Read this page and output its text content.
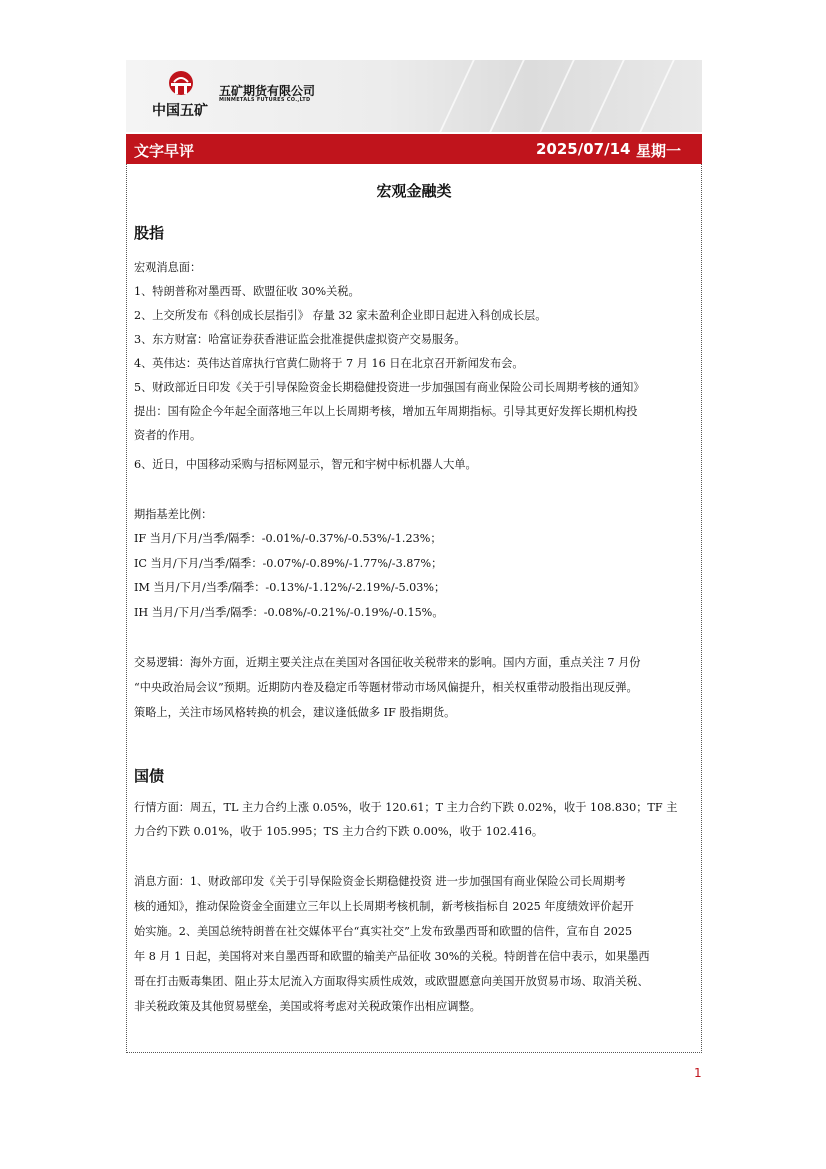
中国五矿
五矿期货有限公司
MINMETALS FUTURES CO.,LTD
文字早评	2025/07/14 星期一
宏观金融类
股指
宏观消息面：
1、特朗普称对墨西哥、欧盟征收 30%关税。
2、上交所发布《科创成长层指引》 存量 32 家未盈利企业即日起进入科创成长层。
3、东方财富：哈富证券获香港证监会批准提供虚拟资产交易服务。
4、英伟达：英伟达首席执行官黄仁勋将于 7 月 16 日在北京召开新闻发布会。
5、财政部近日印发《关于引导保险资金长期稳健投资进一步加强国有商业保险公司长周期考核的通知》
提出：国有险企今年起全面落地三年以上长周期考核，增加五年周期指标。引导其更好发挥长期机构投
资者的作用。
6、近日，中国移动采购与招标网显示，智元和宇树中标机器人大单。
期指基差比例：
IF 当月/下月/当季/隔季：-0.01%/-0.37%/-0.53%/-1.23%；
IC 当月/下月/当季/隔季：-0.07%/-0.89%/-1.77%/-3.87%；
IM 当月/下月/当季/隔季：-0.13%/-1.12%/-2.19%/-5.03%；
IH 当月/下月/当季/隔季：-0.08%/-0.21%/-0.19%/-0.15%。
交易逻辑：海外方面，近期主要关注点在美国对各国征收关税带来的影响。国内方面，重点关注 7 月份
“中央政治局会议”预期。近期防内卷及稳定币等题材带动市场风偏提升，相关权重带动股指出现反弹。
策略上，关注市场风格转换的机会，建议逢低做多 IF 股指期货。
国债
行情方面：周五，TL 主力合约上涨 0.05%，收于 120.61；T 主力合约下跌 0.02%，收于 108.830；TF 主
力合约下跌 0.01%，收于 105.995；TS 主力合约下跌 0.00%，收于 102.416。
消息方面：1、财政部印发《关于引导保险资金长期稳健投资 进一步加强国有商业保险公司长周期考
核的通知》，推动保险资金全面建立三年以上长周期考核机制，新考核指标自 2025 年度绩效评价起开
始实施。2、美国总统特朗普在社交媒体平台“真实社交”上发布致墨西哥和欧盟的信件，宣布自 2025
年 8 月 1 日起，美国将对来自墨西哥和欧盟的输美产品征收 30%的关税。特朗普在信中表示，如果墨西
哥在打击贩毒集团、阻止芬太尼流入方面取得实质性成效，或欧盟愿意向美国开放贸易市场、取消关税、
非关税政策及其他贸易壁垒，美国或将考虑对关税政策作出相应调整。
1
